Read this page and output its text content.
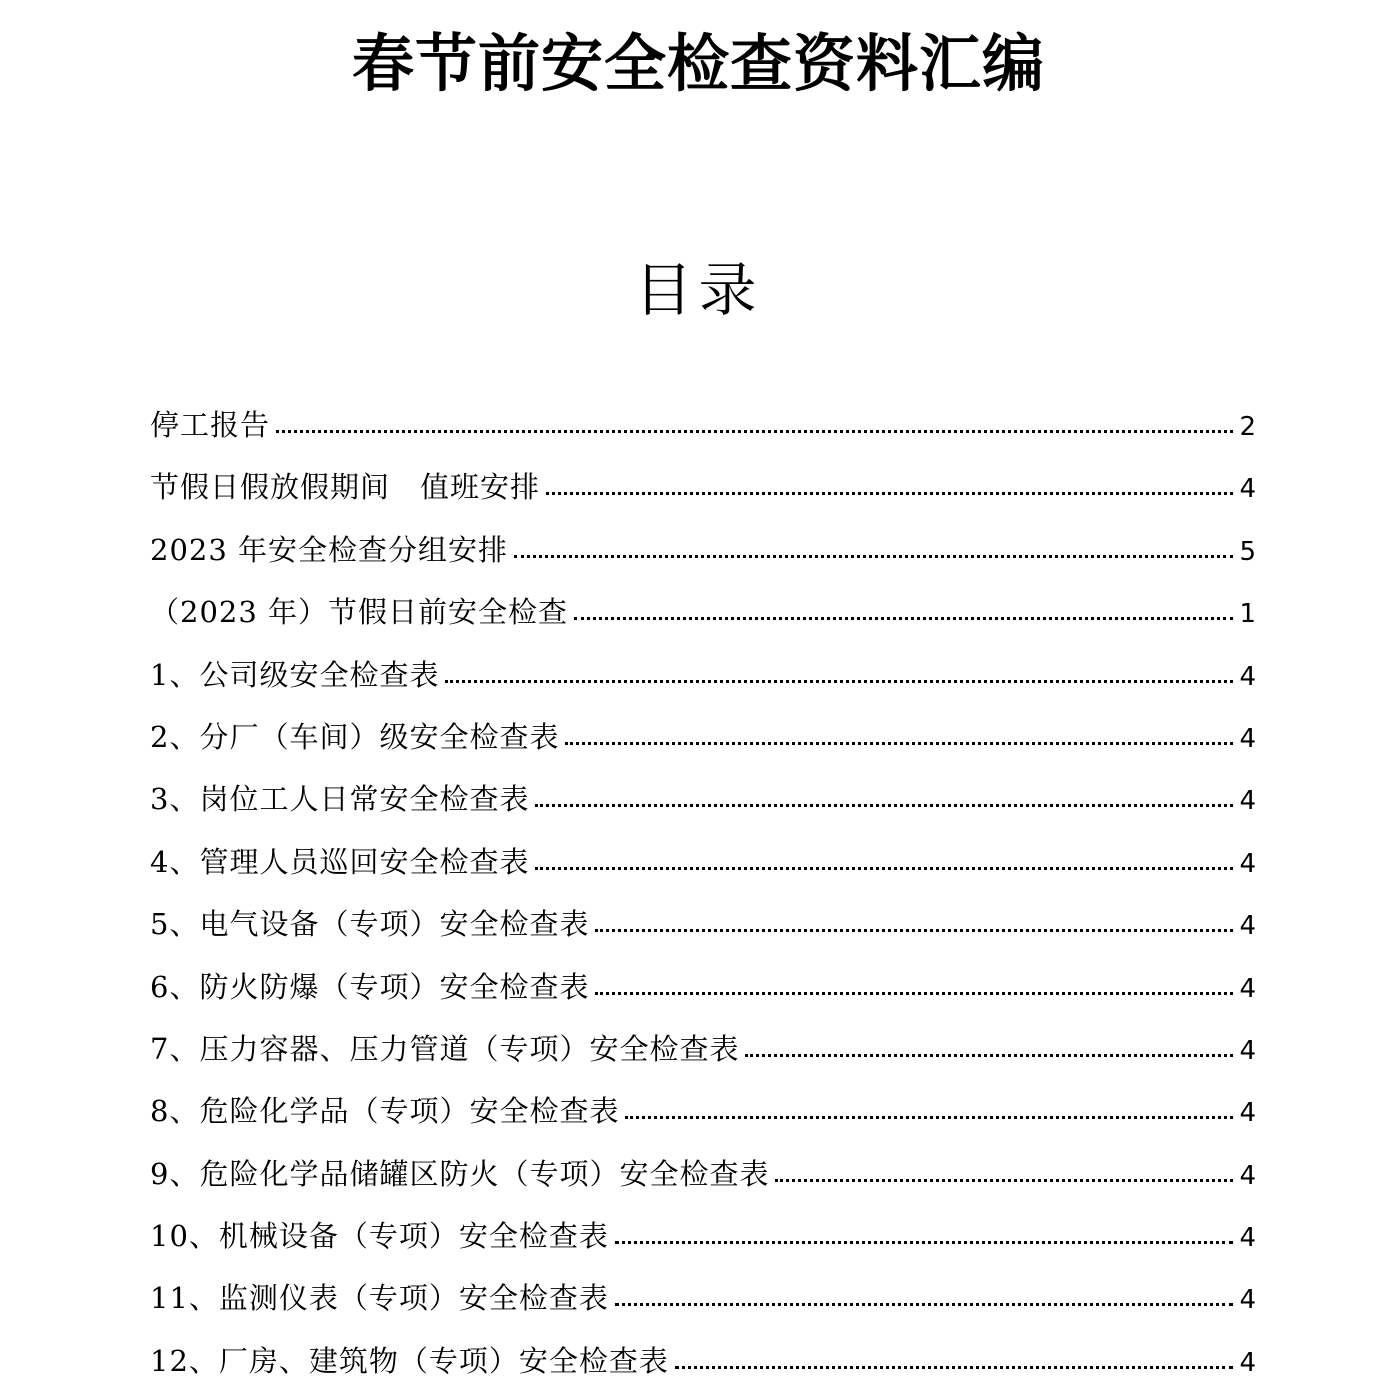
春节前安全检查资料汇编
目录
停工报告	2
节假日假放假期间　值班安排	4
2023 年安全检查分组安排	5
（2023 年）节假日前安全检查	1
1、公司级安全检查表	4
2、分厂（车间）级安全检查表	4
3、岗位工人日常安全检查表	4
4、管理人员巡回安全检查表	4
5、电气设备（专项）安全检查表	4
6、防火防爆（专项）安全检查表	4
7、压力容器、压力管道（专项）安全检查表	4
8、危险化学品（专项）安全检查表	4
9、危险化学品储罐区防火（专项）安全检查表	4
10、机械设备（专项）安全检查表	4
11、监测仪表（专项）安全检查表	4
12、厂房、建筑物（专项）安全检查表	4
